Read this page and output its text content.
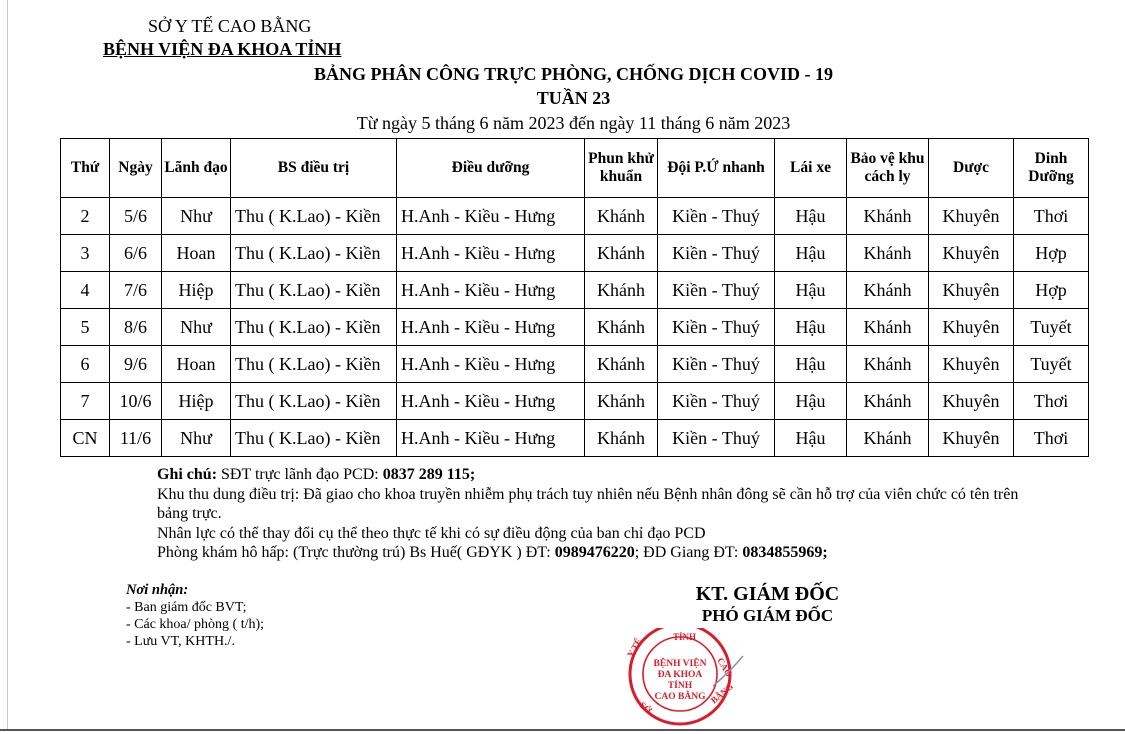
SỞ Y TẾ CAO BẰNG
BỆNH VIỆN ĐA KHOA TỈNH
BẢNG PHÂN CÔNG TRỰC PHÒNG, CHỐNG DỊCH COVID - 19
TUẦN 23
Từ ngày 5 tháng 6 năm 2023 đến ngày 11 tháng 6 năm 2023
Thứ	Ngày	Lãnh đạo	BS điều trị	Điều dưỡng	Phun khử khuẩn	Đội P.Ứ nhanh	Lái xe	Bảo vệ khu cách ly	Dược	Dinh Dưỡng
2	5/6	Như	Thu ( K.Lao) - Kiền	H.Anh - Kiều - Hưng	Khánh	Kiền - Thuý	Hậu	Khánh	Khuyên	Thơi
3	6/6	Hoan	Thu ( K.Lao) - Kiền	H.Anh - Kiều - Hưng	Khánh	Kiền - Thuý	Hậu	Khánh	Khuyên	Hợp
4	7/6	Hiệp	Thu ( K.Lao) - Kiền	H.Anh - Kiều - Hưng	Khánh	Kiền - Thuý	Hậu	Khánh	Khuyên	Hợp
5	8/6	Như	Thu ( K.Lao) - Kiền	H.Anh - Kiều - Hưng	Khánh	Kiền - Thuý	Hậu	Khánh	Khuyên	Tuyết
6	9/6	Hoan	Thu ( K.Lao) - Kiền	H.Anh - Kiều - Hưng	Khánh	Kiền - Thuý	Hậu	Khánh	Khuyên	Tuyết
7	10/6	Hiệp	Thu ( K.Lao) - Kiền	H.Anh - Kiều - Hưng	Khánh	Kiền - Thuý	Hậu	Khánh	Khuyên	Thơi
CN	11/6	Như	Thu ( K.Lao) - Kiền	H.Anh - Kiều - Hưng	Khánh	Kiền - Thuý	Hậu	Khánh	Khuyên	Thơi

Ghi chú: SĐT trực lãnh đạo PCD: 0837 289 115;

Khu thu dung điều trị: Đã giao cho khoa truyền nhiễm phụ trách tuy nhiên nếu Bệnh nhân đông sẽ cần hỗ trợ của viên chức có tên trên bảng trực.

Nhân lực có thể thay đổi cụ thể theo thực tế khi có sự điều động của ban chỉ đạo PCD

Phòng khám hô hấp: (Trực thường trú) Bs Huế( GĐYK ) ĐT: 0989476220; ĐD Giang ĐT: 0834855969;

Nơi nhận:
- Ban giám đốc BVT;
- Các khoa/ phòng ( t/h);
- Lưu VT, KHTH./.
KT. GIÁM ĐỐC
PHÓ GIÁM ĐỐC
TỈNH
CAO
Y TẾ
SỞ
BẰNG
BỆNH VIỆN
ĐA KHOA
TỈNH
CAO BẰNG
